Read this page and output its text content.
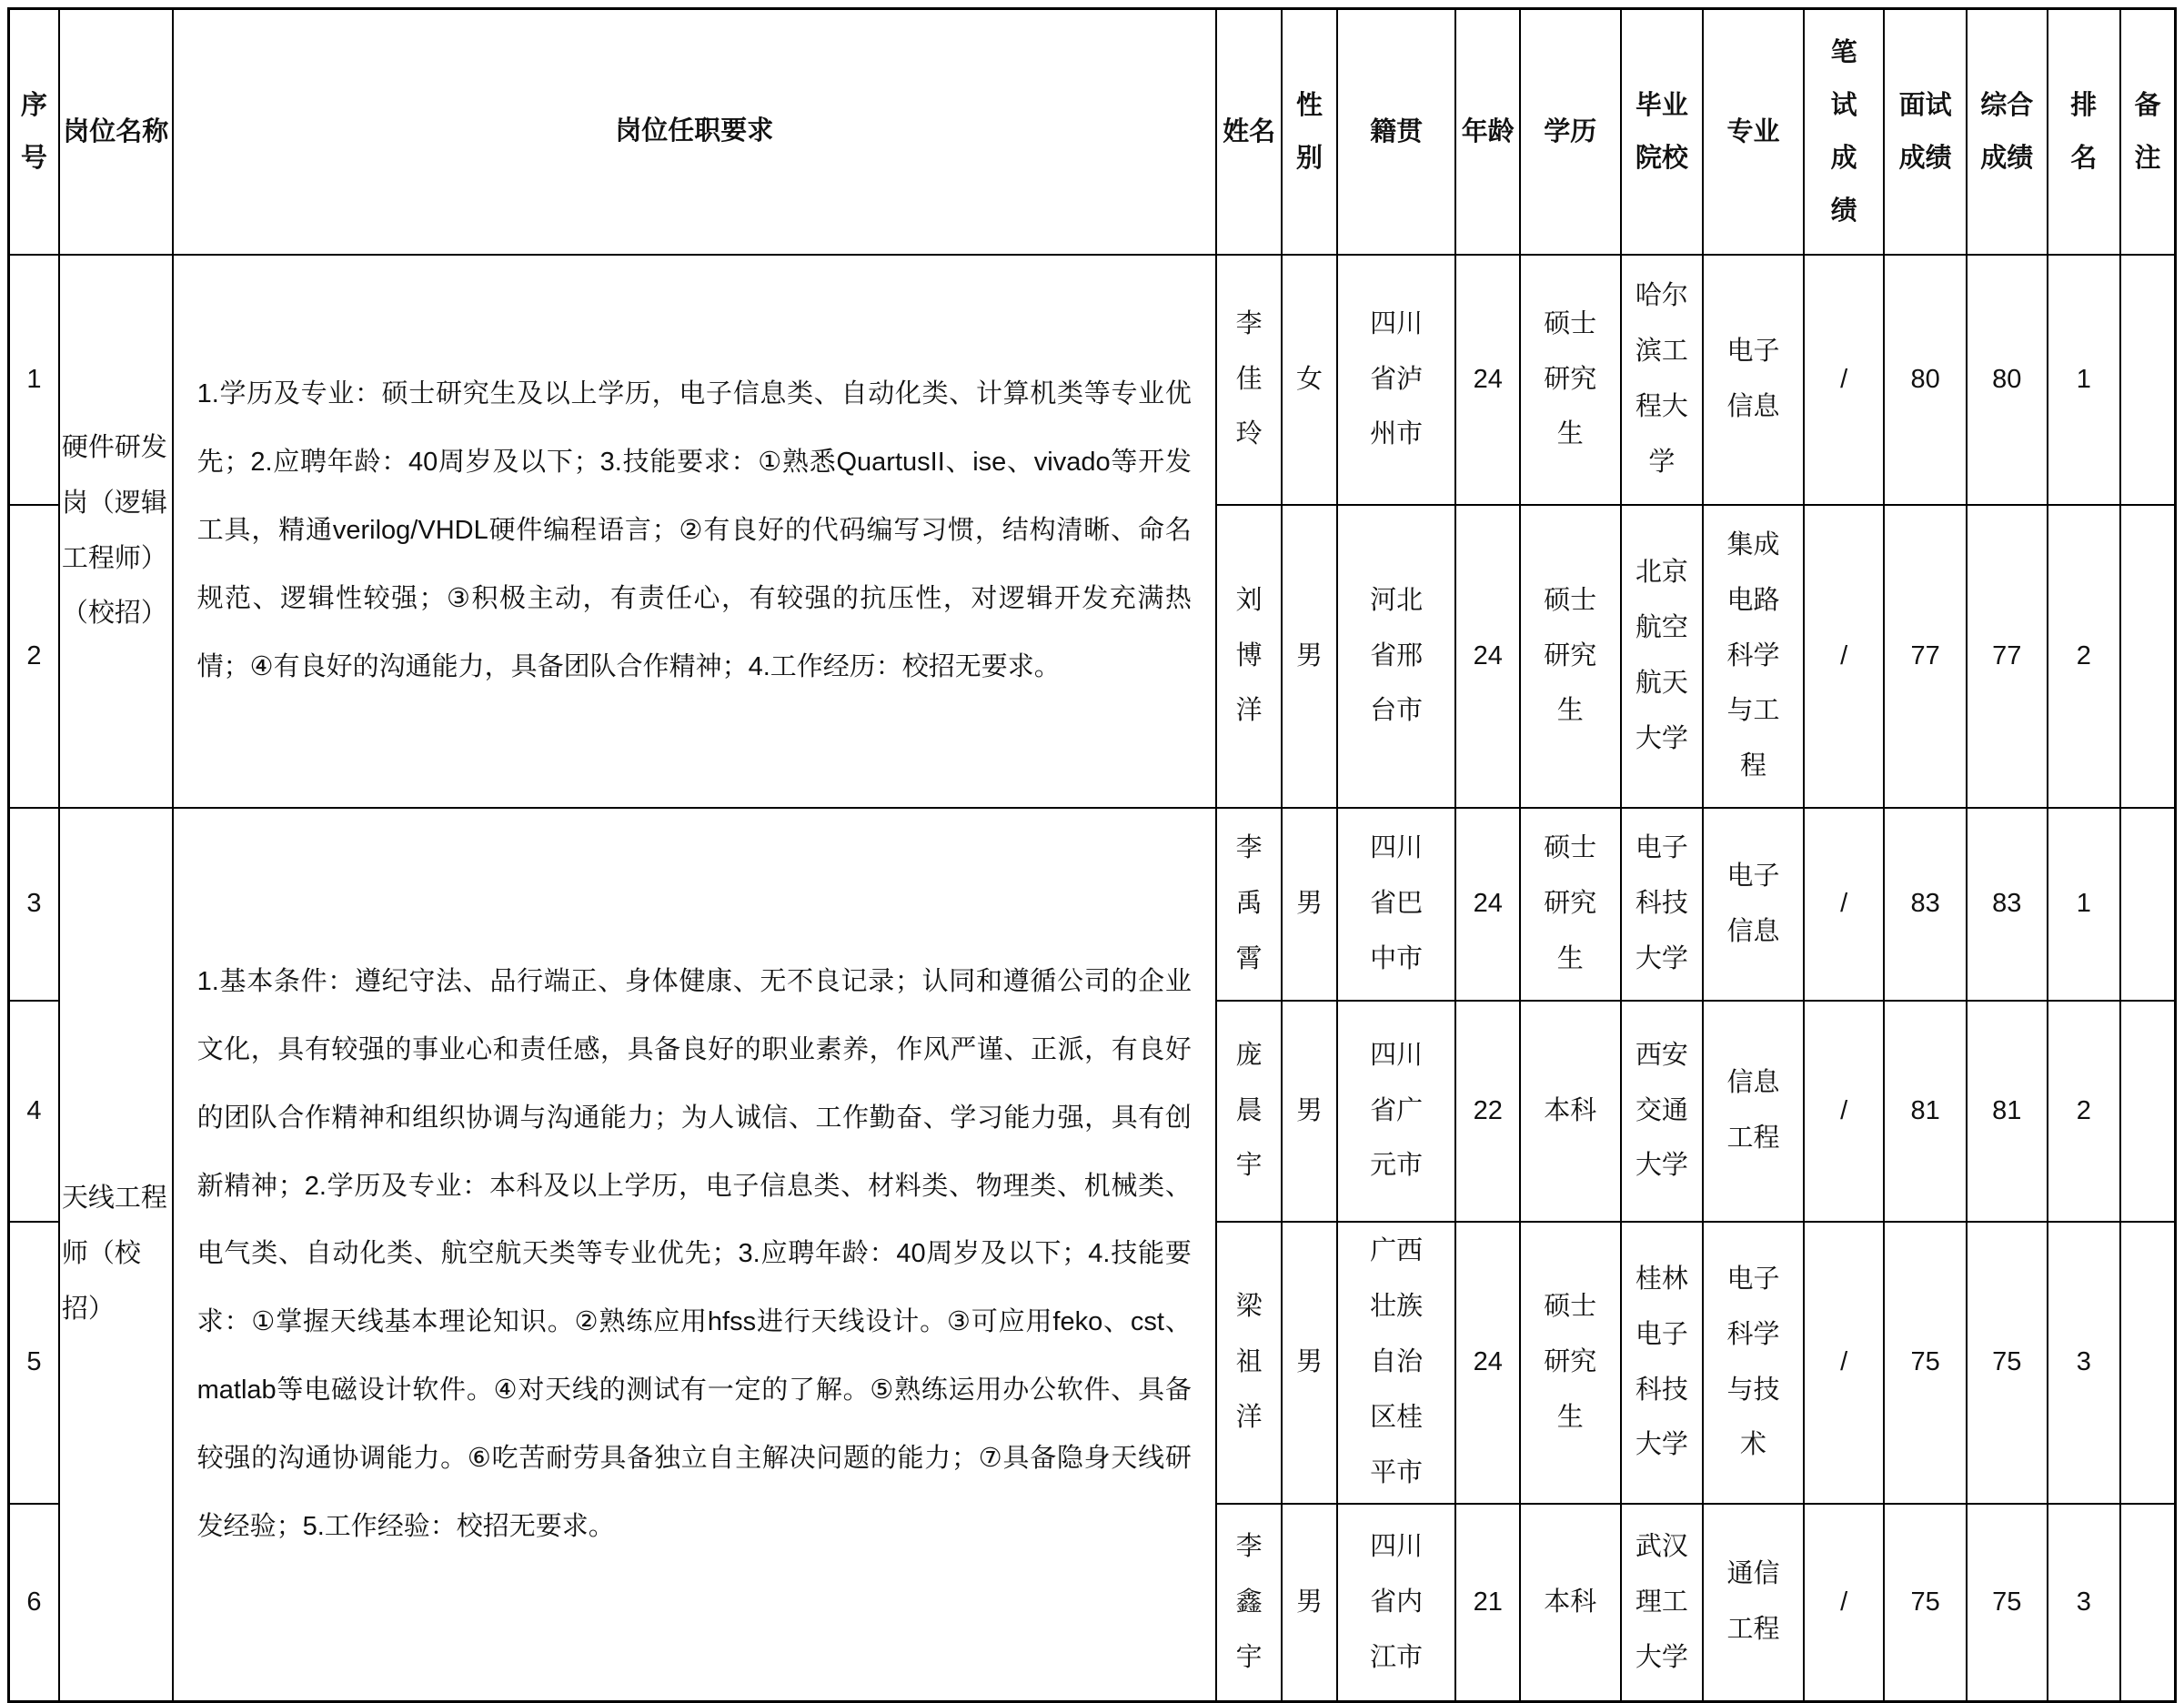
序号	岗位名称	岗位任职要求	姓名	性别	籍贯	年龄	学历	毕业院校	专业	笔试成绩	面试成绩	综合成绩	排名	备注
1	硬件研发岗（逻辑工程师）（校招）	1.学历及专业：硕士研究生及以上学历，电子信息类、自动化类、计算机类等专业优先；2.应聘年龄：40周岁及以下；3.技能要求：①熟悉QuartusII、ise、vivado等开发工具，精通verilog/VHDL硬件编程语言；②有良好的代码编写习惯，结构清晰、命名规范、逻辑性较强；③积极主动，有责任心，有较强的抗压性，对逻辑开发充满热情；④有良好的沟通能力，具备团队合作精神；4.工作经历：校招无要求。	李 佳 玲	女	四川省泸州市	24	硕士研究生	哈尔滨工程大学	电子信息	/	80	80	1	
2			刘 博 洋	男	河北省邢台市	24	硕士研究生	北京航空航天大学	集成电路科学与工程	/	77	77	2	
3	天线工程师（校招）	1.基本条件：遵纪守法、品行端正、身体健康、无不良记录；认同和遵循公司的企业文化，具有较强的事业心和责任感，具备良好的职业素养，作风严谨、正派，有良好的团队合作精神和组织协调与沟通能力；为人诚信、工作勤奋、学习能力强，具有创新精神；2.学历及专业：本科及以上学历，电子信息类、材料类、物理类、机械类、电气类、自动化类、航空航天类等专业优先；3.应聘年龄：40周岁及以下；4.技能要求：①掌握天线基本理论知识。②熟练应用hfss进行天线设计。③可应用feko、cst、matlab等电磁设计软件。④对天线的测试有一定的了解。⑤熟练运用办公软件、具备较强的沟通协调能力。⑥吃苦耐劳具备独立自主解决问题的能力；⑦具备隐身天线研发经验；5.工作经验：校招无要求。	李 禹 霄	男	四川省巴中市	24	硕士研究生	电子科技大学	电子信息	/	83	83	1	
4			庞 晨 宇	男	四川省广元市	22	本科	西安交通大学	信息工程	/	81	81	2	
5			梁 祖 洋	男	广西壮族自治区桂平市	24	硕士研究生	桂林电子科技大学	电子科学与技术	/	75	75	3	
6			李 鑫 宇	男	四川省内江市	21	本科	武汉理工大学	通信工程	/	75	75	3	
